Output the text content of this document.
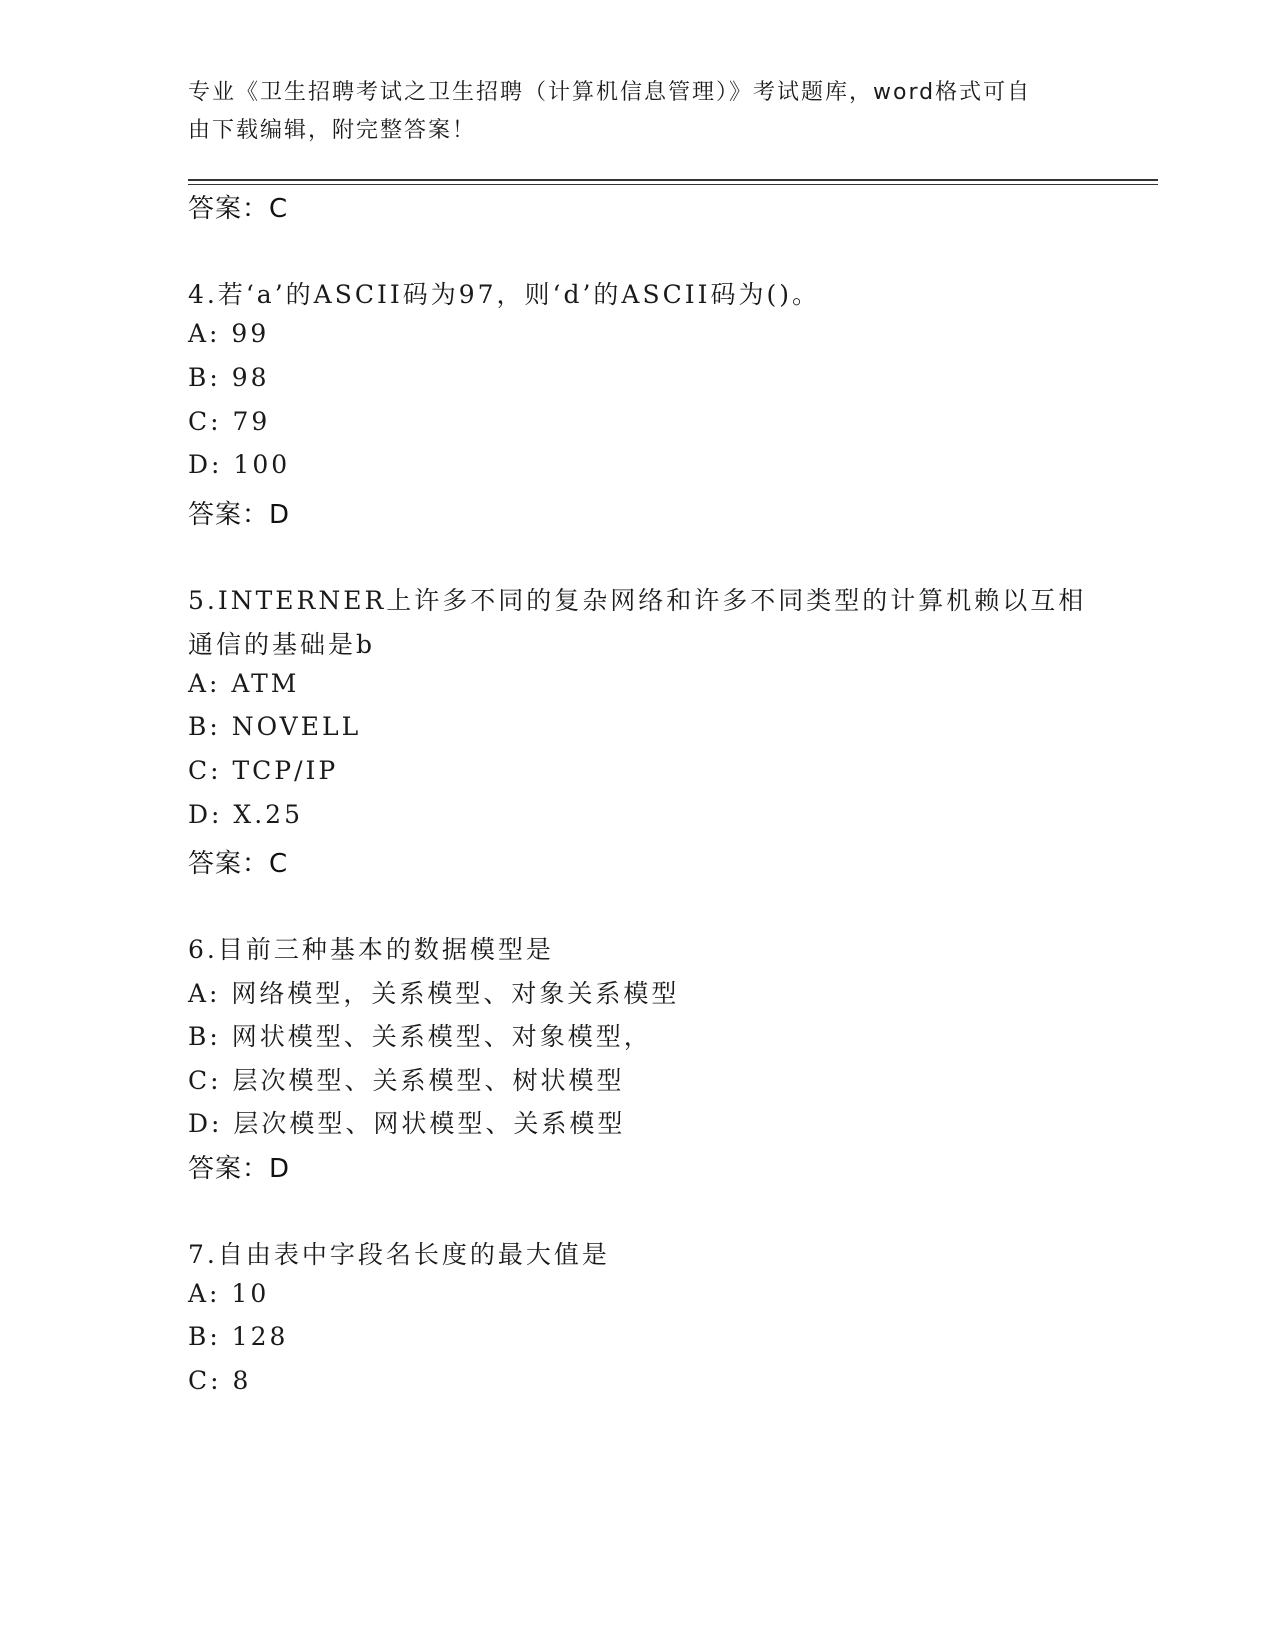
专业《卫生招聘考试之卫生招聘（计算机信息管理）》考试题库，word格式可自
由下载编辑，附完整答案！
答案：C
4.若‘a’的ASCII码为97，则‘d’的ASCII码为()。
A: 99
B: 98
C: 79
D: 100
答案：D
5.INTERNER上许多不同的复杂网络和许多不同类型的计算机赖以互相
通信的基础是b
A: ATM
B: NOVELL
C: TCP/IP
D: X.25
答案：C
6.目前三种基本的数据模型是
A: 网络模型，关系模型、对象关系模型
B: 网状模型、关系模型、对象模型，
C: 层次模型、关系模型、树状模型
D: 层次模型、网状模型、关系模型
答案：D
7.自由表中字段名长度的最大值是
A: 10
B: 128
C: 8
